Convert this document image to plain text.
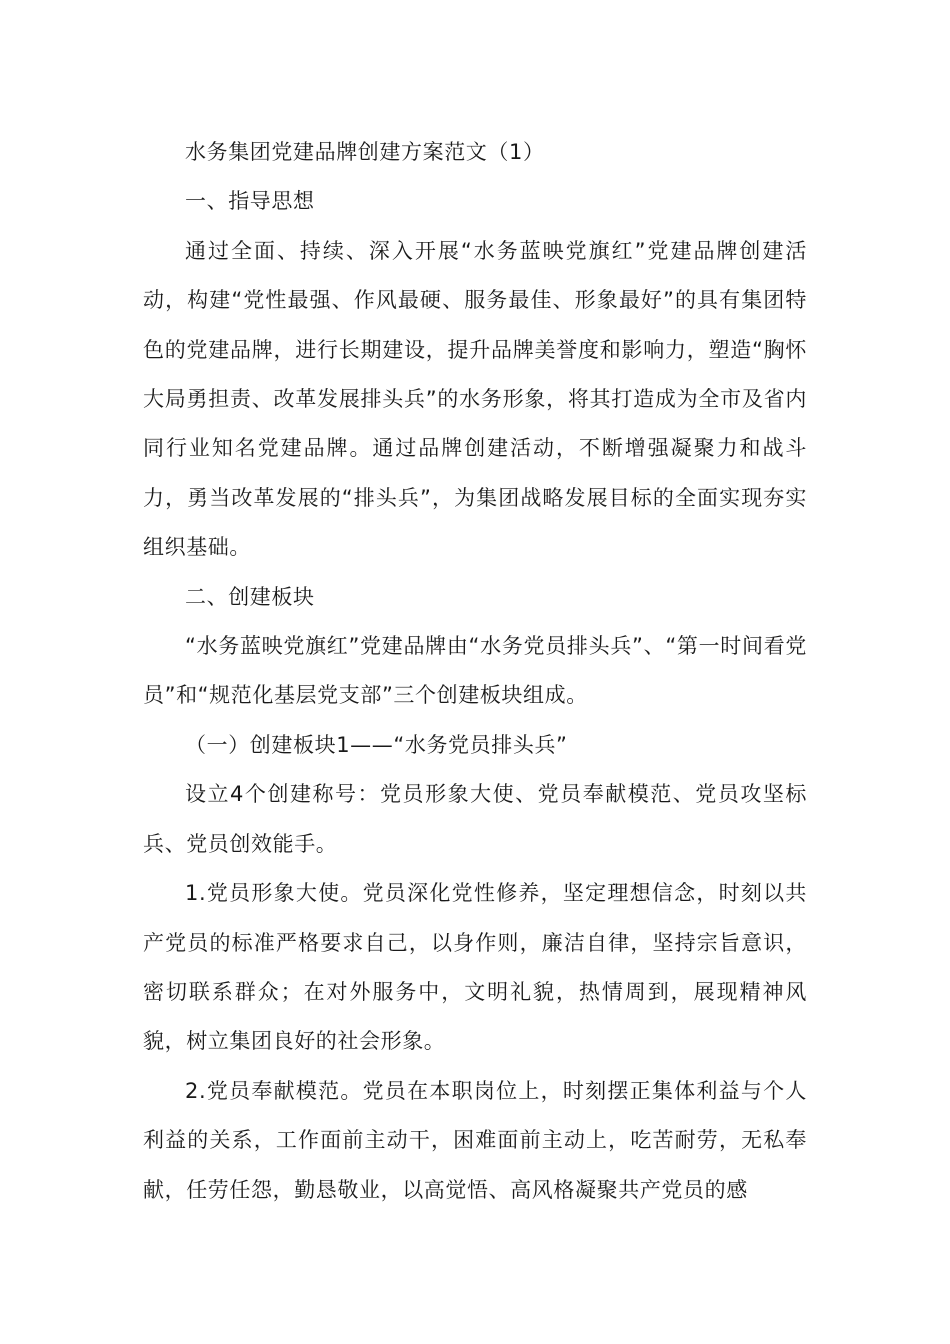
水务集团党建品牌创建方案范文（1）

一、指导思想

通过全面、持续、深入开展“水务蓝映党旗红”党建品牌创建活动，构建“党性最强、作风最硬、服务最佳、形象最好”的具有集团特色的党建品牌，进行长期建设，提升品牌美誉度和影响力，塑造“胸怀大局勇担责、改革发展排头兵”的水务形象，将其打造成为全市及省内同行业知名党建品牌。通过品牌创建活动，不断增强凝聚力和战斗力，勇当改革发展的“排头兵”，为集团战略发展目标的全面实现夯实组织基础。

二、创建板块

“水务蓝映党旗红”党建品牌由“水务党员排头兵”、“第一时间看党员”和“规范化基层党支部”三个创建板块组成。

（一）创建板块1——“水务党员排头兵”

设立4个创建称号：党员形象大使、党员奉献模范、党员攻坚标兵、党员创效能手。

1.党员形象大使。党员深化党性修养，坚定理想信念，时刻以共产党员的标准严格要求自己，以身作则，廉洁自律，坚持宗旨意识，密切联系群众；在对外服务中，文明礼貌，热情周到，展现精神风貌，树立集团良好的社会形象。

2.党员奉献模范。党员在本职岗位上，时刻摆正集体利益与个人利益的关系，工作面前主动干，困难面前主动上，吃苦耐劳，无私奉献，任劳任怨，勤恳敬业，以高觉悟、高风格凝聚共产党员的感
